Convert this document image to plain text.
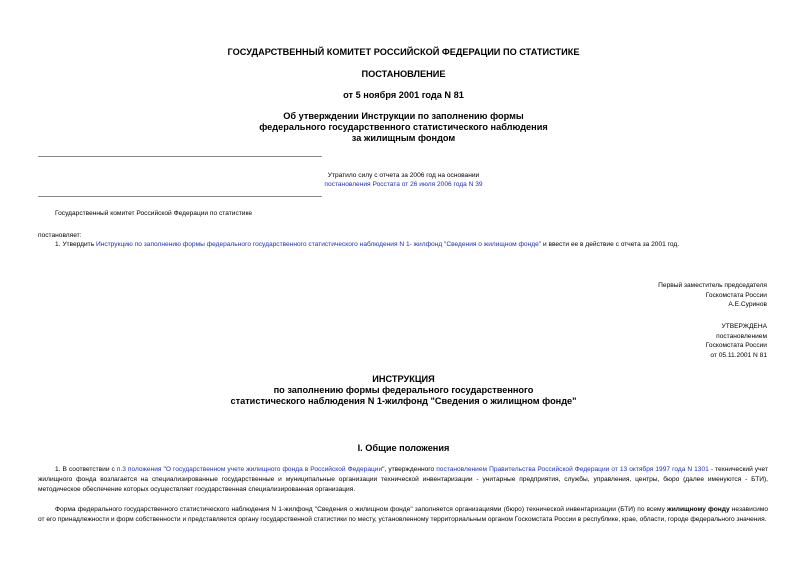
ГОСУДАРСТВЕННЫЙ КОМИТЕТ РОССИЙСКОЙ ФЕДЕРАЦИИ ПО СТАТИСТИКЕ
ПОСТАНОВЛЕНИЕ
от 5 ноября 2001 года N 81
Об утверждении Инструкции по заполнению формы
федерального государственного статистического наблюдения
за жилищным фондом
Утратило силу с отчета за 2006 год на основании
постановления Росстата от 26 июля 2006 года N 39
Государственный комитет Российской Федерации по статистике
постановляет:
1. Утвердить Инструкцию по заполнению формы федерального государственного статистического наблюдения N 1- жилфонд "Сведения о жилищном фонде" и ввести ее в действие с отчета за 2001 год.
Первый заместитель председателя
Госкомстата России
А.Е.Суринов
УТВЕРЖДЕНА
постановлением
Госкомстата России
от 05.11.2001 N 81
ИНСТРУКЦИЯ
по заполнению формы федерального государственного
статистического наблюдения N 1-жилфонд "Сведения о жилищном фонде"
I. Общие положения
1. В соответствии с п.3 положения "О государственном учете жилищного фонда в Российской Федерации", утвержденного постановлением Правительства Российской Федерации от 13 октября 1997 года N 1301 - технический учет жилищного фонда возлагается на специализированные государственные и муниципальные организации технической инвентаризации - унитарные предприятия, службы, управления, центры, бюро (далее именуются - БТИ), методическое обеспечение которых осуществляет государственная специализированная организация.
Форма федерального государственного статистического наблюдения N 1-жилфонд "Сведения о жилищном фонде" заполняется организациями (бюро) технической инвентаризации (БТИ) по всему жилищному фонду независимо от его принадлежности и форм собственности и представляется органу государственной статистики по месту, установленному территориальным органом Госкомстата России в республике, крае, области, городе федерального значения.
